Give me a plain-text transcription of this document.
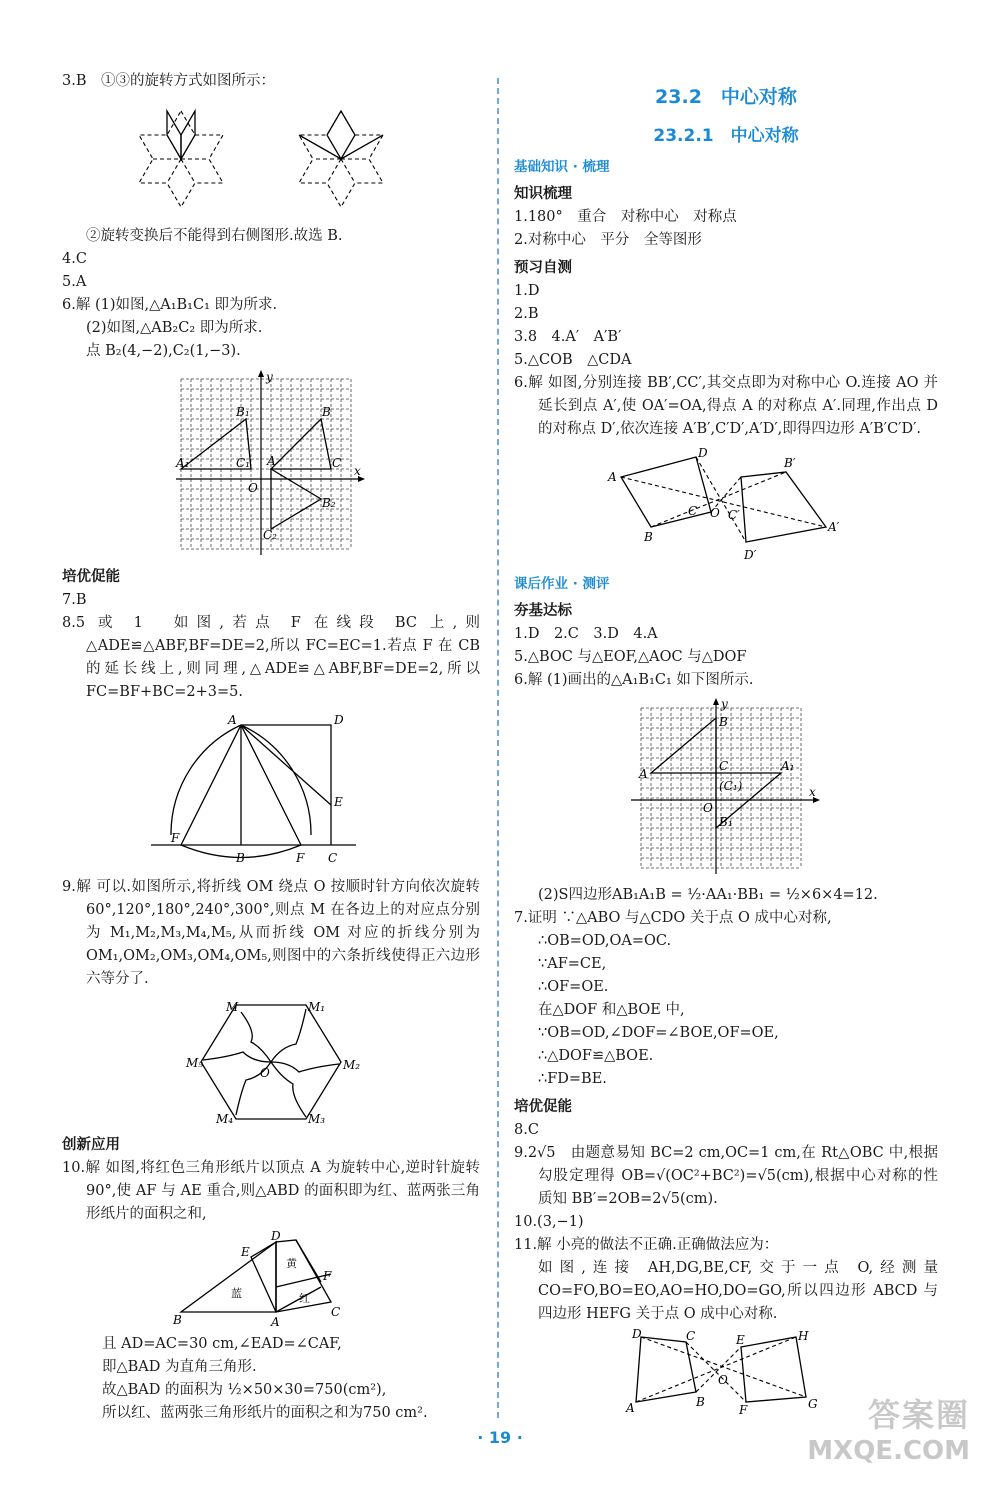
3.B　①③的旋转方式如图所示：
②旋转变换后不能得到右侧图形.故选 B.
4.C
5.A
6.解 (1)如图,△A₁B₁C₁ 即为所求.
(2)如图,△AB₂C₂ 即为所求.
点 B₂(4,−2),C₂(1,−3).
y
x
O
A
B
C
A₁
B₁
C₁
B₂
C₂
培优促能
7.B
8.5 或 1　如图,若点 F 在线段 BC 上,则△ADE≌△ABF,BF=DE=2,所以 FC=EC=1.若点 F 在 CB 的延长线上,则同理,△ADE≌△ABF,BF=DE=2,所以 FC=BF+BC=2+3=5.
A	D
E
F
B	F C
9.解 可以.如图所示,将折线 OM 绕点 O 按顺时针方向依次旋转 60°,120°,180°,240°,300°,则点 M 在各边上的对应点分别为 M₁,M₂,M₃,M₄,M₅,从而折线 OM 对应的折线分别为 OM₁,OM₂,OM₃,OM₄,OM₅,则图中的六条折线使得正六边形六等分了.
M	M₁
M₂
M₃
M₄
M₅
O
创新应用
10.解 如图,将红色三角形纸片以顶点 A 为旋转中心,逆时针旋转 90°,使 AF 与 AE 重合,则△ABD 的面积即为红、蓝两张三角形纸片的面积之和,
E
D
F
B	A
C
蓝
黄
红
且 AD=AC=30 cm,∠EAD=∠CAF,
即△BAD 为直角三角形.
故△BAD 的面积为 ½×50×30=750(cm²),
所以红、蓝两张三角形纸片的面积之和为750 cm².
23.2　中心对称
23.2.1　中心对称
基础知识 · 梳理
知识梳理
1.180°　重合　对称中心　对称点
2.对称中心　平分　全等图形
预习自测
1.D
2.B
3.8　4.A′　A′B′
5.△COB　△CDA
6.解 如图,分别连接 BB′,CC′,其交点即为对称中心 O.连接 AO 并延长到点 A′,使 OA′=OA,得点 A 的对称点 A′.同理,作出点 D 的对称点 D′,依次连接 A′B′,C′D′,A′D′,即得四边形 A′B′C′D′.
A
D
B
C O C′
B′
A′
D′
课后作业 · 测评
夯基达标
1.D　2.C　3.D　4.A
5.△BOC 与△EOF,△AOC 与△DOF
6.解 (1)画出的△A₁B₁C₁ 如下图所示.
y
x
O
A
B
C	A₁
B₁
(C₁)
(2)S四边形AB₁A₁B = ½·AA₁·BB₁ = ½×6×4=12.
7.证明 ∵△ABO 与△CDO 关于点 O 成中心对称,
∴OB=OD,OA=OC.
∵AF=CE,
∴OF=OE.
在△DOF 和△BOE 中,
∵OB=OD,∠DOF=∠BOE,OF=OE,
∴△DOF≌△BOE.
∴FD=BE.
培优促能
8.C
9.2√5　由题意易知 BC=2 cm,OC=1 cm,在 Rt△OBC 中,根据勾股定理得 OB=√(OC²+BC²)=√5(cm),根据中心对称的性质知 BB′=2OB=2√5(cm).
10.(3,−1)
11.解 小亮的做法不正确.正确做法应为：
如图,连接 AH,DG,BE,CF,交于一点 O,经测量 CO=FO,BO=EO,AO=HO,DO=GO,所以四边形 ABCD 与四边形 HEFG 关于点 O 成中心对称.
D	C	E	H
A	B
F	G
O
· 19 ·
答案圈
MXQE.COM
